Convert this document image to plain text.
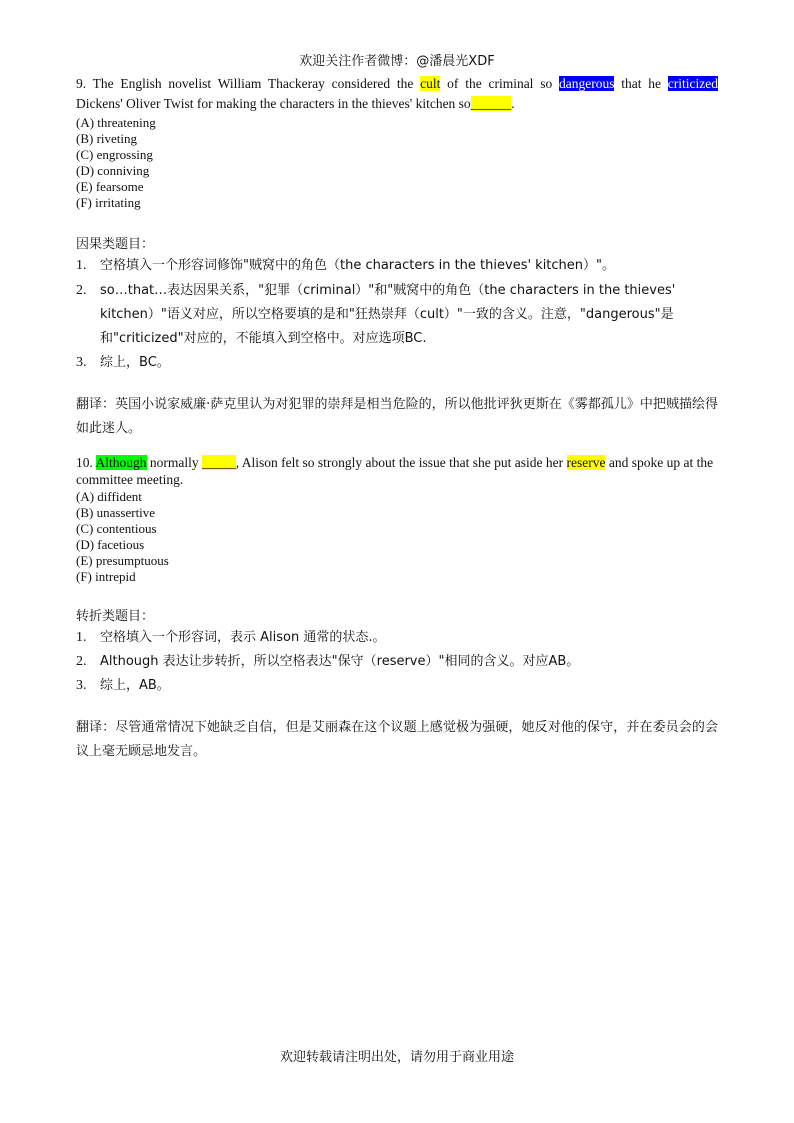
欢迎关注作者微博：@潘晨光XDF

9. The English novelist William Thackeray considered the cult of the criminal so dangerous that he criticized

Dickens' Oliver Twist for making the characters in the thieves' kitchen so______.

(A) threatening
(B) riveting
(C) engrossing
(D) conniving
(E) fearsome
(F) irritating
因果类题目：
1. 空格填入一个形容词修饰"贼窝中的角色（the characters in the thieves' kitchen）"。
2. so…that…表达因果关系，"犯罪（criminal）"和"贼窝中的角色（the characters in the thieves' kitchen）"语义对应，所以空格要填的是和"狂热崇拜（cult）"一致的含义。注意，"dangerous"是和"criticized"对应的，不能填入到空格中。对应选项BC.
3. 综上，BC。
翻译：英国小说家威廉·萨克里认为对犯罪的崇拜是相当危险的，所以他批评狄更斯在《雾都孤儿》中把贼描绘得如此迷人。

10. Although normally _____, Alison felt so strongly about the issue that she put aside her reserve and spoke up at the committee meeting.

(A) diffident
(B) unassertive
(C) contentious
(D) facetious
(E) presumptuous
(F) intrepid
转折类题目：
1. 空格填入一个形容词，表示 Alison 通常的状态.。
2. Although 表达让步转折，所以空格表达"保守（reserve）"相同的含义。对应AB。
3. 综上，AB。
翻译：尽管通常情况下她缺乏自信，但是艾丽森在这个议题上感觉极为强硬，她反对他的保守，并在委员会的会议上毫无顾忌地发言。
欢迎转载请注明出处，请勿用于商业用途
